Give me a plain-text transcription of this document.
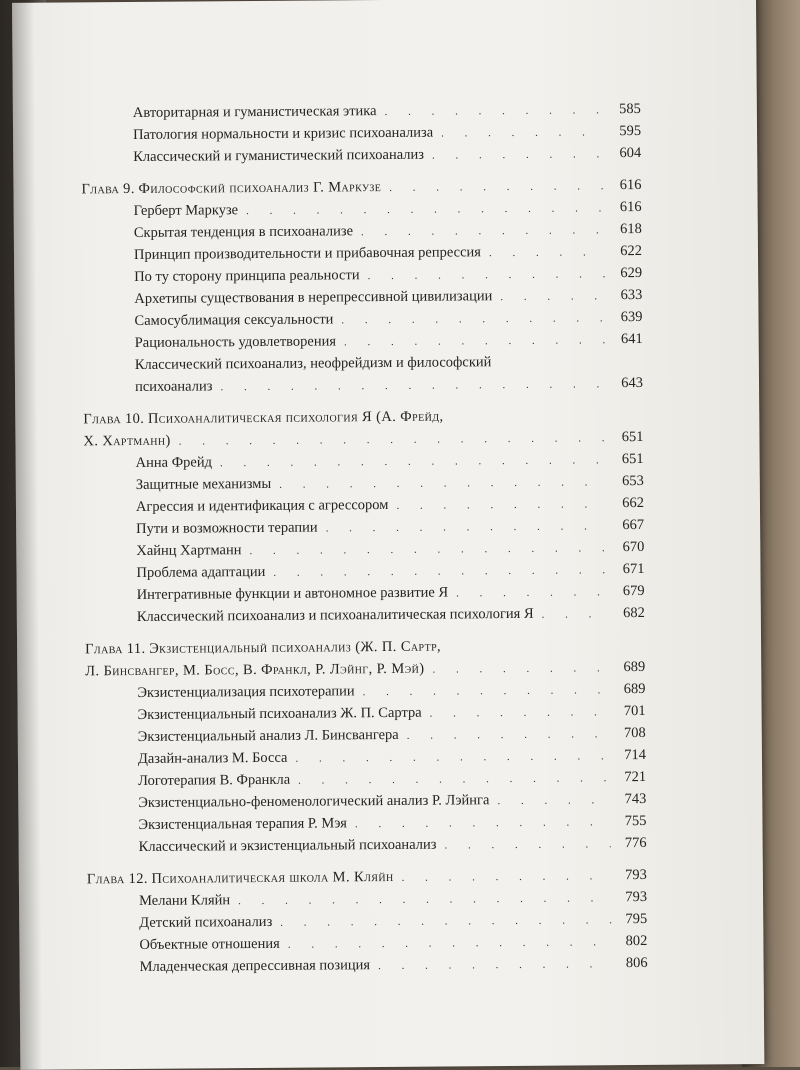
Авторитарная и гуманистическая этика . . .	585
Патология нормальности и кризис психоанализа . . .	595
Классический и гуманистический психоанализ . . .	604
Глава 9. Философский психоанализ Г. Маркузе . . .	616
Герберт Маркузе . . .	616
Скрытая тенденция в психоанализе . . .	618
Принцип производительности и прибавочная репрессия . . .	622
По ту сторону принципа реальности . . .	629
Архетипы существования в нерепрессивной цивилизации . . .	633
Самосублимация сексуальности . . .	639
Рациональность удовлетворения . . .	641
Классический психоанализ, неофрейдизм и философский
психоанализ . . .	643
Глава 10. Психоаналитическая психология Я (А. Фрейд,
Х. Хартманн) . . .	651
Анна Фрейд . . .	651
Защитные механизмы . . .	653
Агрессия и идентификация с агрессором . . .	662
Пути и возможности терапии . . .	667
Хайнц Хартманн . . .	670
Проблема адаптации . . .	671
Интегративные функции и автономное развитие Я . . .	679
Классический психоанализ и психоаналитическая психология Я . . .	682
Глава 11. Экзистенциальный психоанализ (Ж. П. Сартр,
Л. Бинсвангер, М. Босс, В. Франкл, Р. Лэйнг, Р. Мэй) . . .	689
Экзистенциализация психотерапии . . .	689
Экзистенциальный психоанализ Ж. П. Сартра . . .	701
Экзистенциальный анализ Л. Бинсвангера . . .	708
Дазайн-анализ М. Босса . . .	714
Логотерапия В. Франкла . . .	721
Экзистенциально-феноменологический анализ Р. Лэйнга . . .	743
Экзистенциальная терапия Р. Мэя . . .	755
Классический и экзистенциальный психоанализ . . .	776
Глава 12. Психоаналитическая школа М. Кляйн . . .	793
Мелани Кляйн . . .	793
Детский психоанализ . . .	795
Объектные отношения . . .	802
Младенческая депрессивная позиция . . .	806
